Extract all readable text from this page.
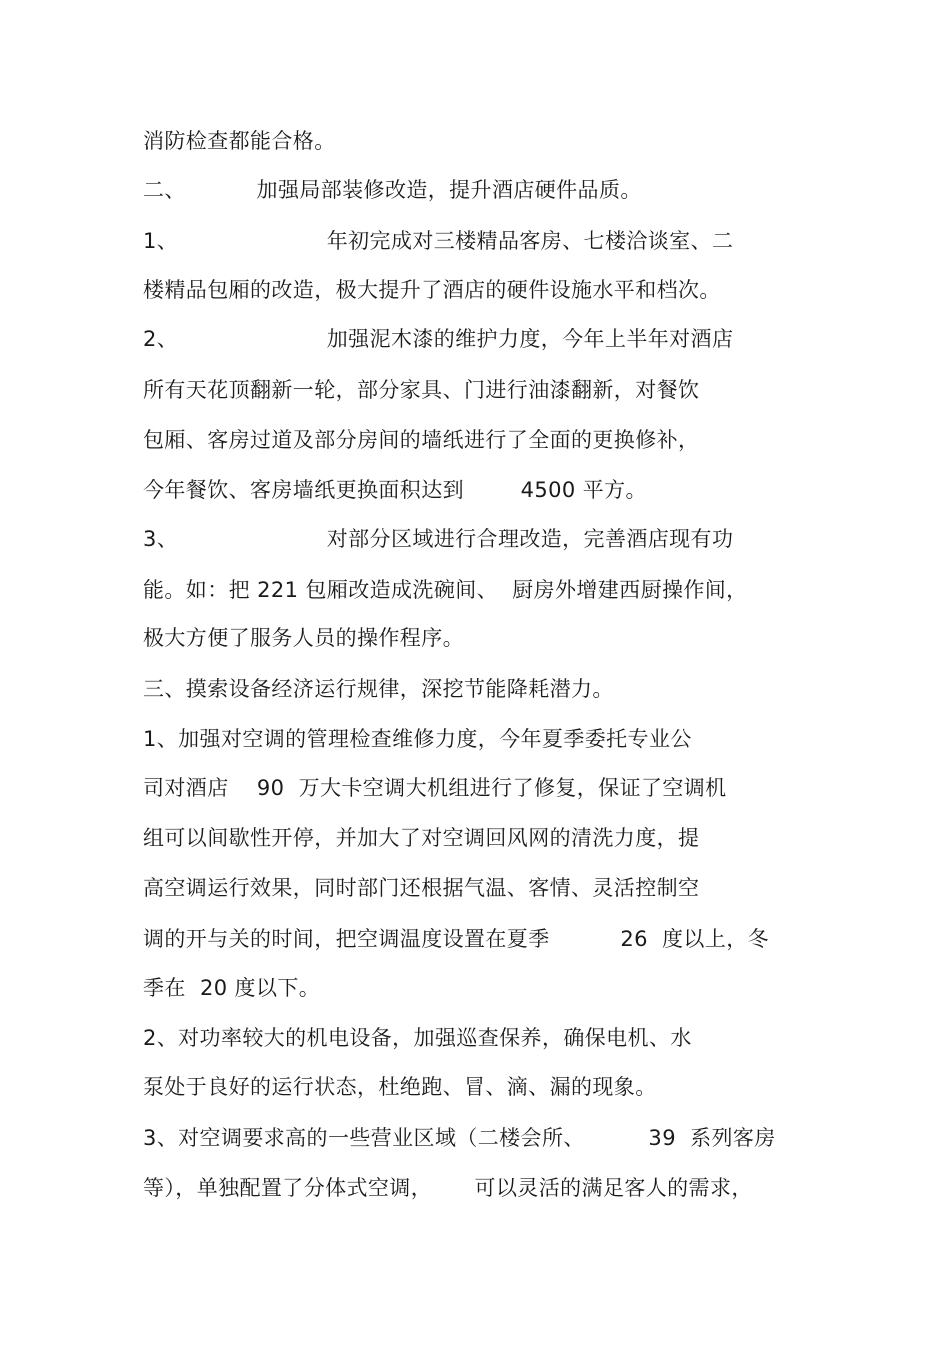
消防检查都能合格。
二、          加强局部装修改造，提升酒店硬件品质。
1、                     年初完成对三楼精品客房、七楼洽谈室、二
楼精品包厢的改造，极大提升了酒店的硬件设施水平和档次。
2、                     加强泥木漆的维护力度，今年上半年对酒店
所有天花顶翻新一轮，部分家具、门进行油漆翻新，对餐饮
包厢、客房过道及部分房间的墙纸进行了全面的更换修补，
今年餐饮、客房墙纸更换面积达到        4500 平方。
3、                     对部分区域进行合理改造，完善酒店现有功
能。如：把 221 包厢改造成洗碗间、  厨房外增建西厨操作间，
极大方便了服务人员的操作程序。
三、摸索设备经济运行规律，深挖节能降耗潜力。
1、加强对空调的管理检查维修力度，今年夏季委托专业公
司对酒店    90  万大卡空调大机组进行了修复，保证了空调机
组可以间歇性开停，并加大了对空调回风网的清洗力度，提
高空调运行效果，同时部门还根据气温、客情、灵活控制空
调的开与关的时间，把空调温度设置在夏季          26  度以上，冬
季在  20 度以下。
2、对功率较大的机电设备，加强巡查保养，确保电机、水
泵处于良好的运行状态，杜绝跑、冒、滴、漏的现象。
3、对空调要求高的一些营业区域（二楼会所、         39  系列客房
等），单独配置了分体式空调，      可以灵活的满足客人的需求，
